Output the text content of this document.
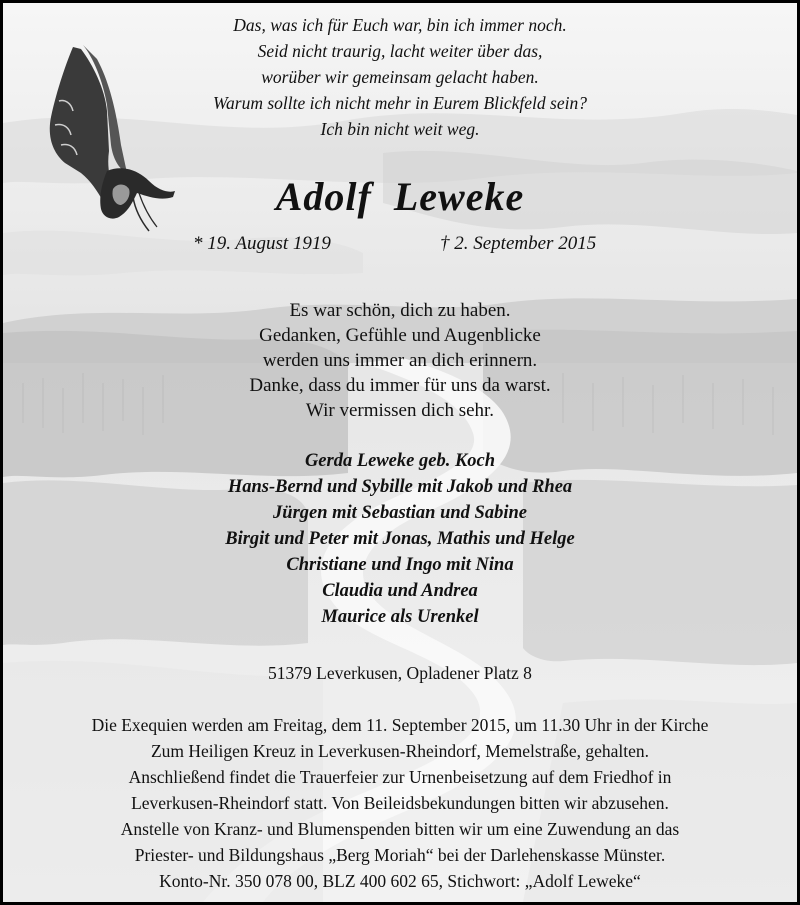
Das, was ich für Euch war, bin ich immer noch.
Seid nicht traurig, lacht weiter über das,
worüber wir gemeinsam gelacht haben.
Warum sollte ich nicht mehr in Eurem Blickfeld sein?
Ich bin nicht weit weg.
Adolf  Leweke
* 19. August 1919	† 2. September 2015
Es war schön, dich zu haben.
Gedanken, Gefühle und Augenblicke
werden uns immer an dich erinnern.
Danke, dass du immer für uns da warst.
Wir vermissen dich sehr.
Gerda Leweke geb. Koch
Hans-Bernd und Sybille mit Jakob und Rhea
Jürgen mit Sebastian und Sabine
Birgit und Peter mit Jonas, Mathis und Helge
Christiane und Ingo mit Nina
Claudia und Andrea
Maurice als Urenkel
51379 Leverkusen, Opladener Platz 8
Die Exequien werden am Freitag, dem 11. September 2015, um 11.30 Uhr in der Kirche
Zum Heiligen Kreuz in Leverkusen-Rheindorf, Memelstraße, gehalten.
Anschließend findet die Trauerfeier zur Urnenbeisetzung auf dem Friedhof in
Leverkusen-Rheindorf statt. Von Beileidsbekundungen bitten wir abzusehen.
Anstelle von Kranz- und Blumenspenden bitten wir um eine Zuwendung an das
Priester- und Bildungshaus „Berg Moriah“ bei der Darlehenskasse Münster.
Konto-Nr. 350 078 00, BLZ 400 602 65, Stichwort: „Adolf Leweke“
